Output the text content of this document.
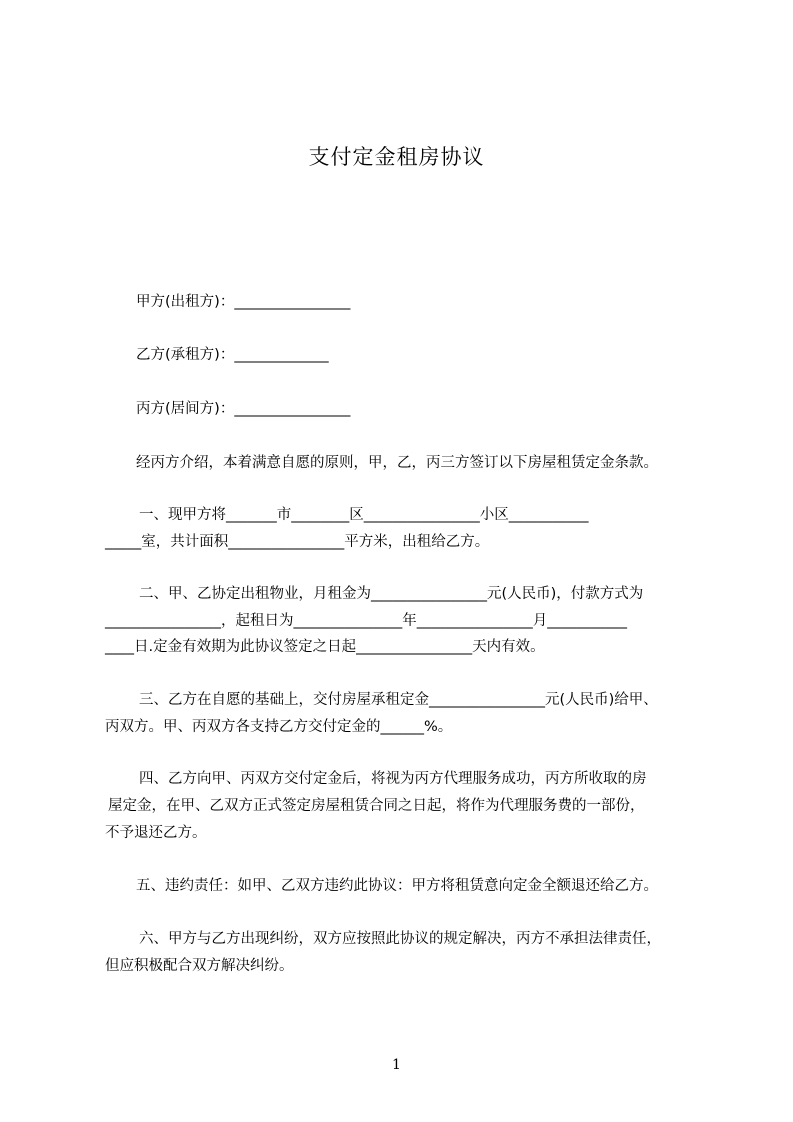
支付定金租房协议
甲方(出租方)：________________
乙方(承租方)：_____________
丙方(居间方)：________________
经丙方介绍，本着满意自愿的原则，甲，乙，丙三方签订以下房屋租赁定金条款。
一、现甲方将_______市________区________________小区___________
_____室，共计面积________________平方米，出租给乙方。
二、甲、乙协定出租物业，月租金为________________元(人民币)，付款方式为
________________，起租日为_______________年________________月___________
____日.定金有效期为此协议签定之日起________________天内有效。
三、乙方在自愿的基础上，交付房屋承租定金________________元(人民币)给甲、
丙双方。甲、丙双方各支持乙方交付定金的______%。
四、乙方向甲、丙双方交付定金后，将视为丙方代理服务成功，丙方所收取的房
屋定金，在甲、乙双方正式签定房屋租赁合同之日起，将作为代理服务费的一部份，
不予退还乙方。
五、违约责任：如甲、乙双方违约此协议：甲方将租赁意向定金全额退还给乙方。
六、甲方与乙方出现纠纷，双方应按照此协议的规定解决，丙方不承担法律责任，
但应积极配合双方解决纠纷。
1
